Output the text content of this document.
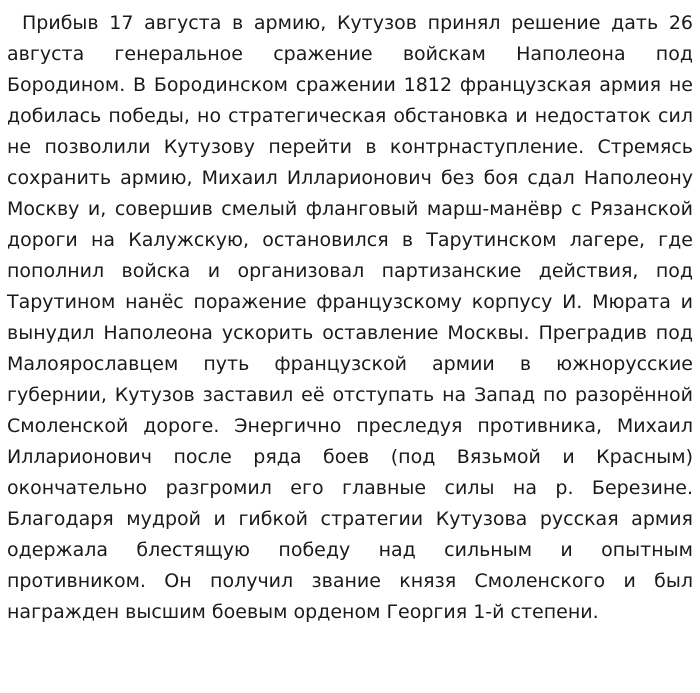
Прибыв 17 августа в армию, Кутузов принял решение дать 26 августа генеральное сражение войскам Наполеона под Бородином. В Бородинском сражении 1812 французская армия не добилась победы, но стратегическая обстановка и недостаток сил не позволили Кутузову перейти в контрнаступление. Стремясь сохранить армию, Михаил Илларионович без боя сдал Наполеону Москву и, совершив смелый фланговый марш-манёвр с Рязанской дороги на Калужскую, остановился в Тарутинском лагере, где пополнил войска и организовал партизанские действия, под Тарутином нанёс поражение французскому корпусу И. Мюрата и вынудил Наполеона ускорить оставление Москвы. Преградив под Малоярославцем путь французской армии в южнорусские губернии, Кутузов заставил её отступать на Запад по разорённой Смоленской дороге. Энергично преследуя противника, Михаил Илларионович после ряда боев (под Вязьмой и Красным) окончательно разгромил его главные силы на р. Березине. Благодаря мудрой и гибкой стратегии Кутузова русская армия одержала блестящую победу над сильным и опытным противником. Он получил звание князя Смоленского и был награжден высшим боевым орденом Георгия 1-й степени.
